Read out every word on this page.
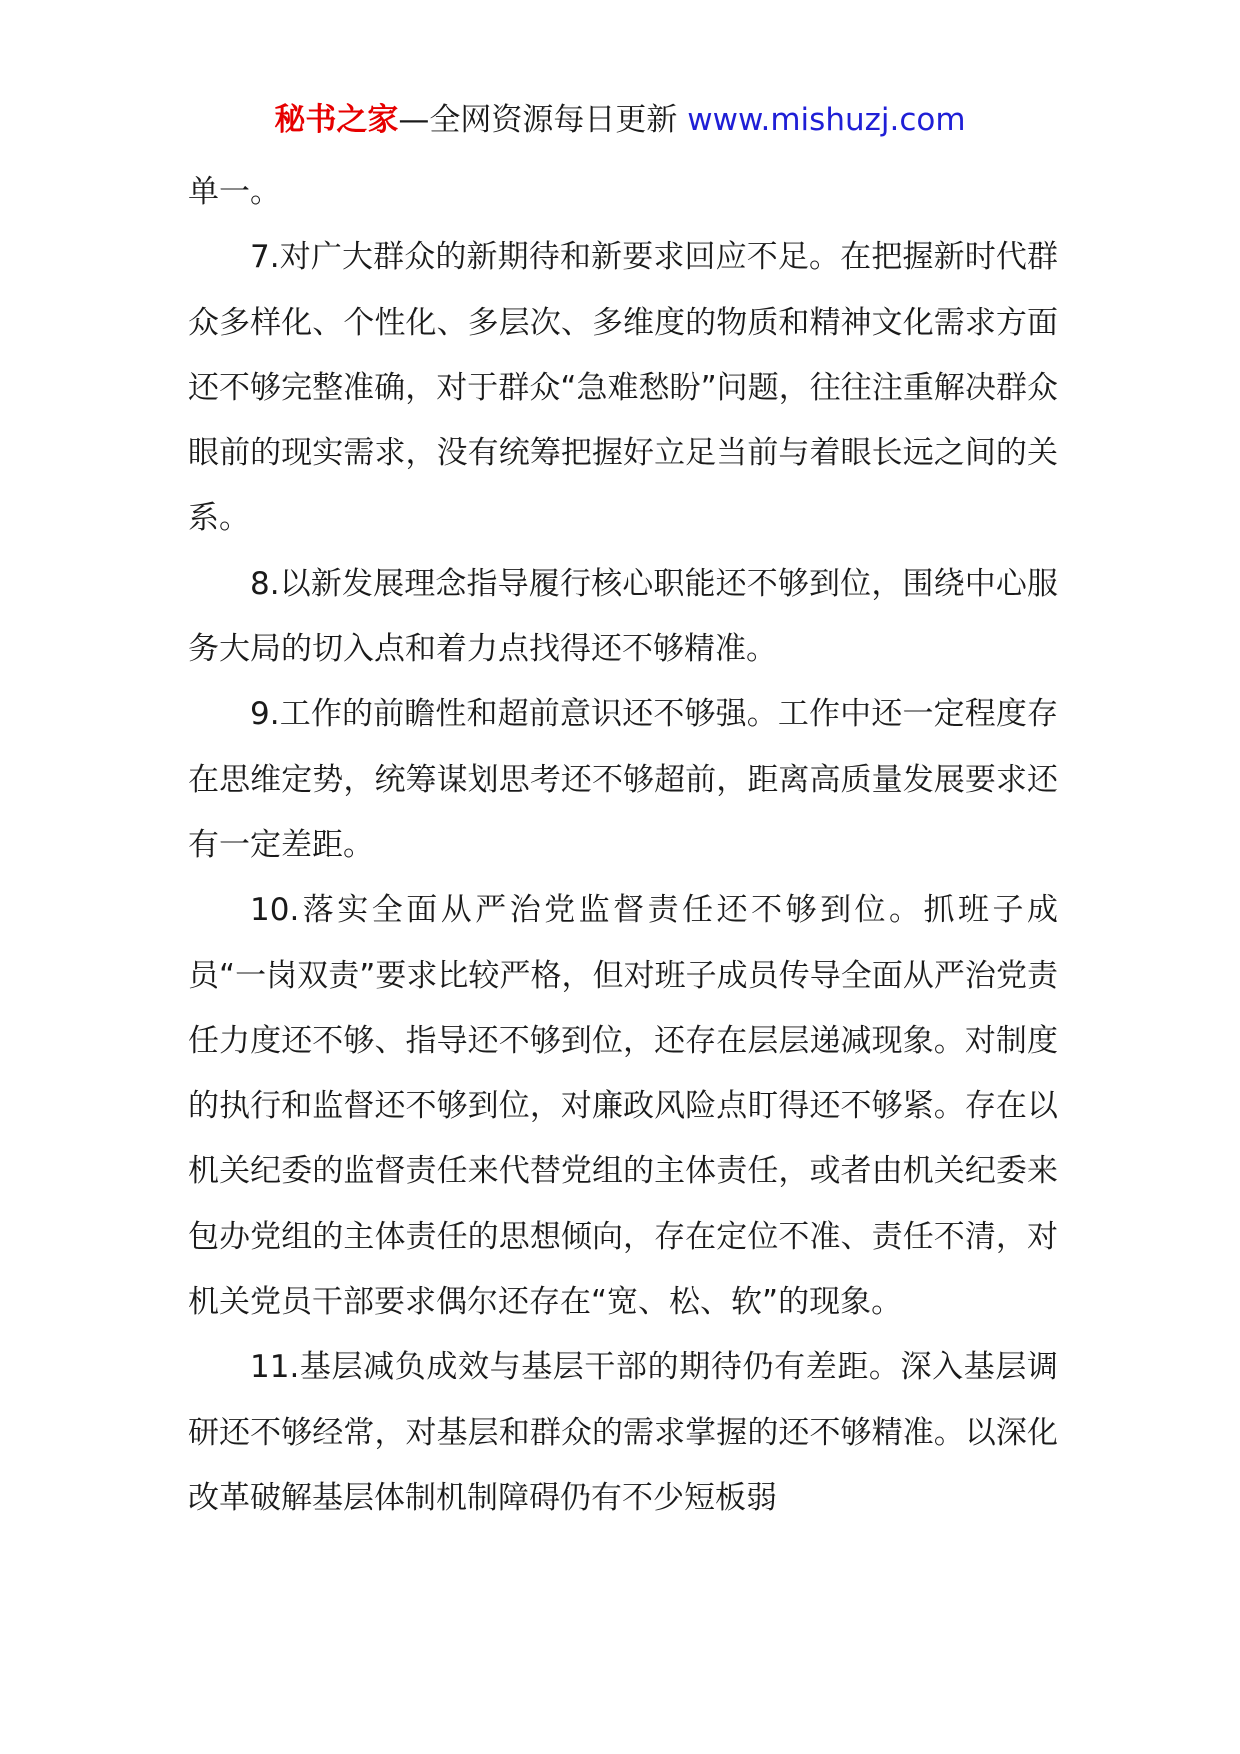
秘书之家—全网资源每日更新 www.mishuzj.com

单一。

7.对广大群众的新期待和新要求回应不足。在把握新时代群众多样化、个性化、多层次、多维度的物质和精神文化需求方面还不够完整准确，对于群众“急难愁盼”问题，往往注重解决群众眼前的现实需求，没有统筹把握好立足当前与着眼长远之间的关系。

8.以新发展理念指导履行核心职能还不够到位，围绕中心服务大局的切入点和着力点找得还不够精准。

9.工作的前瞻性和超前意识还不够强。工作中还一定程度存在思维定势，统筹谋划思考还不够超前，距离高质量发展要求还有一定差距。

10.落实全面从严治党监督责任还不够到位。抓班子成员“一岗双责”要求比较严格，但对班子成员传导全面从严治党责任力度还不够、指导还不够到位，还存在层层递减现象。对制度的执行和监督还不够到位，对廉政风险点盯得还不够紧。存在以机关纪委的监督责任来代替党组的主体责任，或者由机关纪委来包办党组的主体责任的思想倾向，存在定位不准、责任不清，对机关党员干部要求偶尔还存在“宽、松、软”的现象。

11.基层减负成效与基层干部的期待仍有差距。深入基层调研还不够经常，对基层和群众的需求掌握的还不够精准。以深化改革破解基层体制机制障碍仍有不少短板弱
